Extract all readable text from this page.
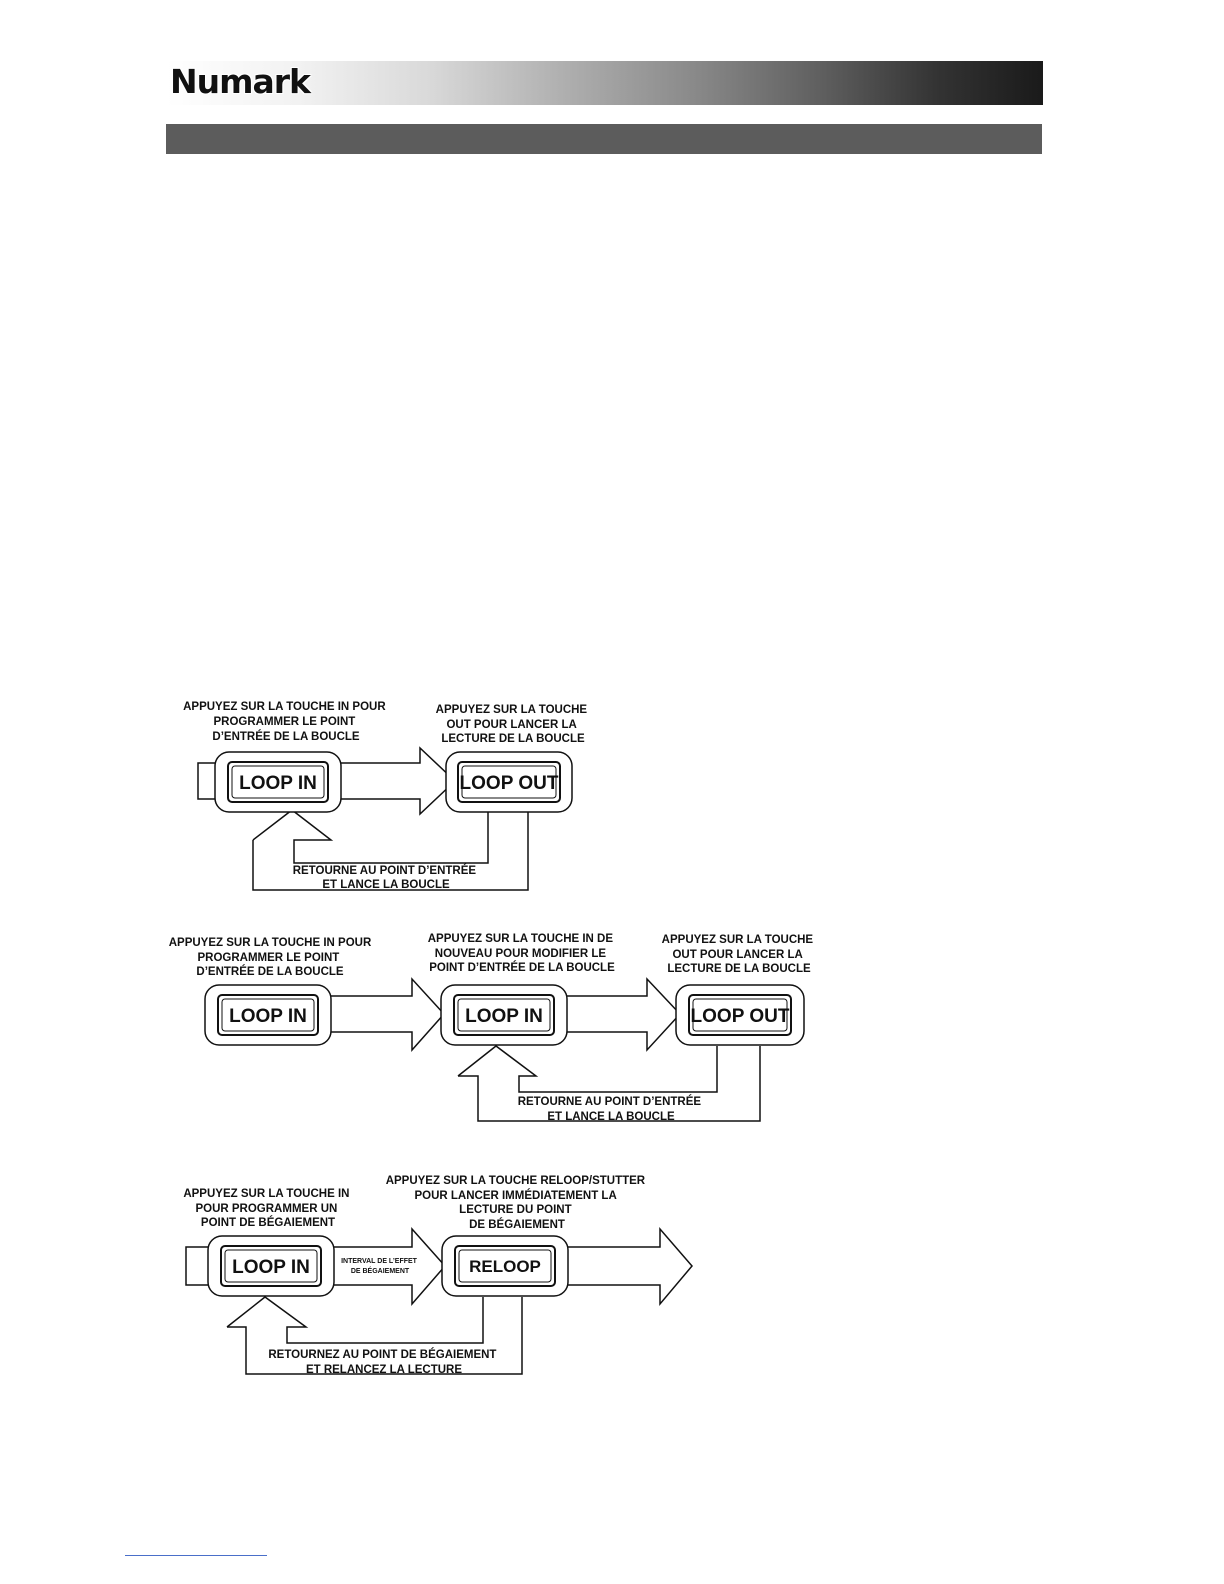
Numark
APPUYEZ SUR LA TOUCHE IN POUR PROGRAMMER LE POINT D’ENTRÉE DE LA BOUCLE
APPUYEZ SUR LA TOUCHE OUT POUR LANCER LA LECTURE DE LA BOUCLE
LOOP IN	LOOP OUT
RETOURNE AU POINT D’ENTRÉE ET LANCE LA BOUCLE
APPUYEZ SUR LA TOUCHE IN POUR
PROGRAMMER LE POINT D’ENTRÉE DE LA BOUCLE
APPUYEZ SUR LA TOUCHE IN DE NOUVEAU POUR MODIFIER LE POINT D’ENTRÉE DE LA BOUCLE
APPUYEZ SUR LA TOUCHE OUT POUR LANCER LA LECTURE DE LA BOUCLE
LOOP IN	LOOP IN	LOOP OUT
RETOURNE AU POINT D’ENTRÉE ET LANCE LA BOUCLE
APPUYEZ SUR LA TOUCHE IN POUR PROGRAMMER UN POINT DE BÉGAIEMENT
APPUYEZ SUR LA TOUCHE RELOOP/STUTTER POUR LANCER IMMÉDIATEMENT LA LECTURE DU POINT DE BÉGAIEMENT
LOOP IN	INTERVAL DE L’EFFET DE BÉGAIEMENT	RELOOP
RETOURNEZ AU POINT DE BÉGAIEMENT ET RELANCEZ LA LECTURE
